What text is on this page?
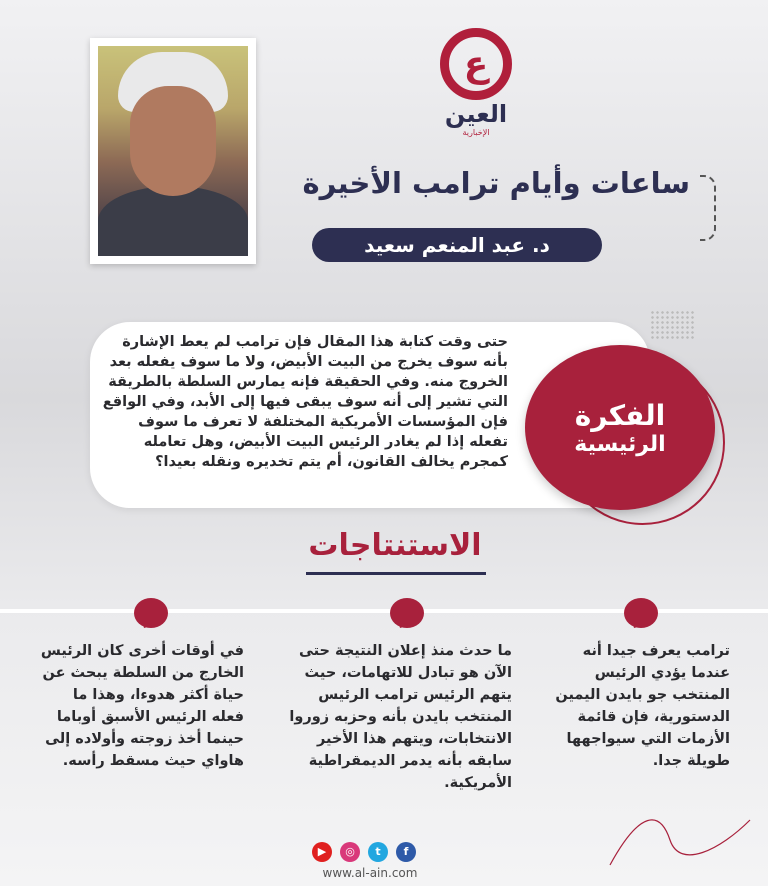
ع
العين
الإخبارية
ساعات وأيام ترامب الأخيرة
د. عبد المنعم سعيد
الفكرة
الرئيسية
حتى وقت كتابة هذا المقال فإن ترامب لم يعط الإشارة بأنه سوف يخرج من البيت الأبيض، ولا ما سوف يفعله بعد الخروج منه. وفي الحقيقة فإنه يمارس السلطة بالطريقة التي تشير إلى أنه سوف يبقى فيها إلى الأبد، وفي الواقع فإن المؤسسات الأمريكية المختلفة لا تعرف ما سوف تفعله إذا لم يغادر الرئيس البيت الأبيض، وهل تعامله كمجرم يخالف القانون، أم يتم تخديره ونقله بعيدا؟
الاستنتاجات
ترامب يعرف جيدا أنه عندما يؤدي الرئيس المنتخب جو بايدن اليمين الدستورية، فإن قائمة الأزمات التي سيواجهها طويلة جدا.
ما حدث منذ إعلان النتيجة حتى الآن هو تبادل للاتهامات، حيث يتهم الرئيس ترامب الرئيس المنتخب بايدن بأنه وحزبه زوروا الانتخابات، ويتهم هذا الأخير سابقه بأنه يدمر الديمقراطية الأمريكية.
في أوقات أخرى كان الرئيس الخارج من السلطة يبحث عن حياة أكثر هدوءا، وهذا ما فعله الرئيس الأسبق أوباما حينما أخذ زوجته وأولاده إلى هاواي حيث مسقط رأسه.
▶	◎	t	f
www.al-ain.com
